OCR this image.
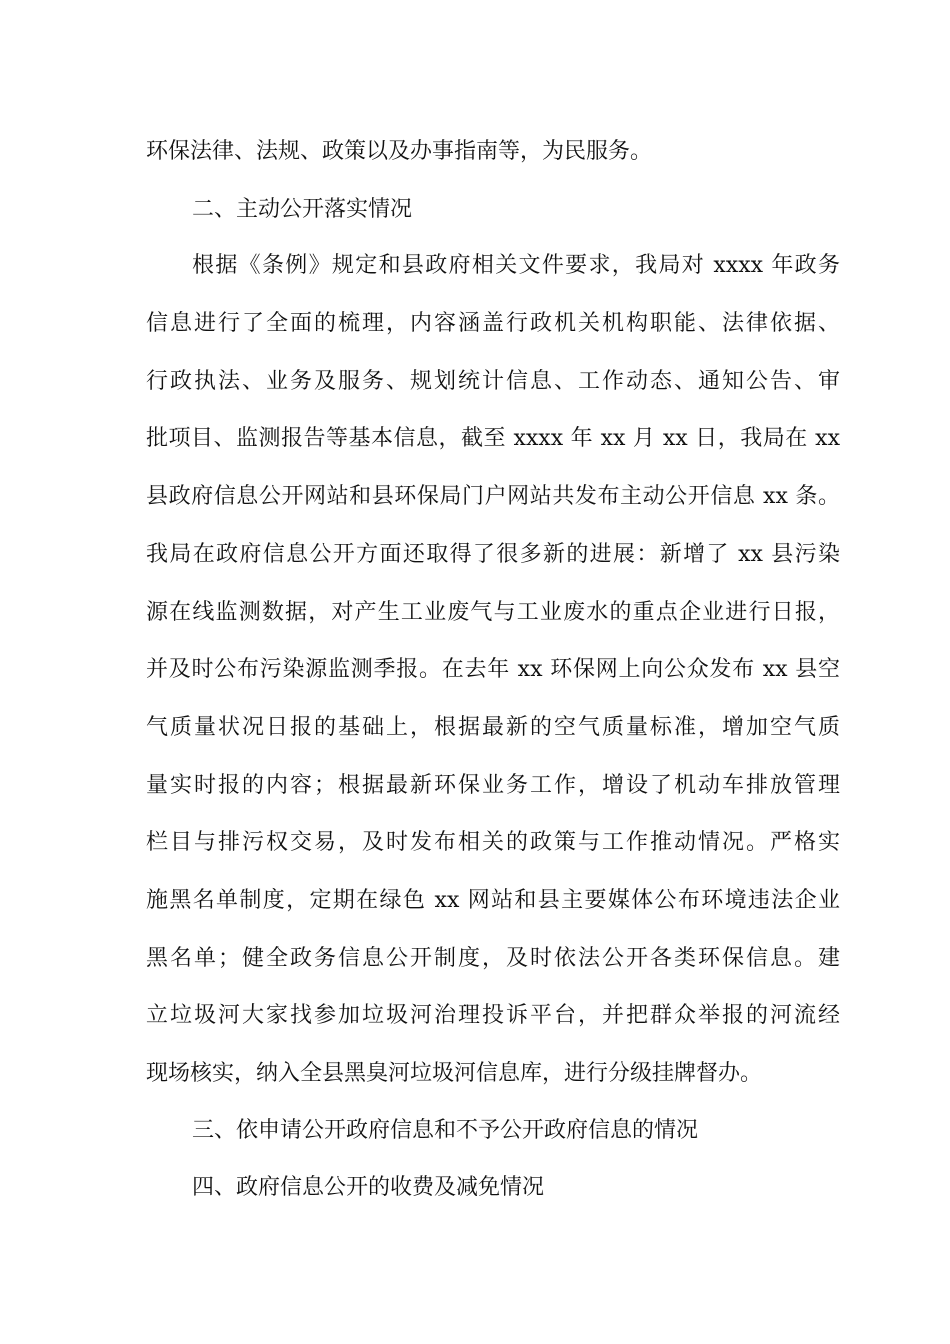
环保法律、法规、政策以及办事指南等，为民服务。
二、主动公开落实情况
根据《条例》规定和县政府相关文件要求，我局对 xxxx 年政务
信息进行了全面的梳理，内容涵盖行政机关机构职能、法律依据、
行政执法、业务及服务、规划统计信息、工作动态、通知公告、审
批项目、监测报告等基本信息，截至 xxxx 年 xx 月 xx 日，我局在 xx
县政府信息公开网站和县环保局门户网站共发布主动公开信息 xx 条。
我局在政府信息公开方面还取得了很多新的进展：新增了 xx 县污染
源在线监测数据，对产生工业废气与工业废水的重点企业进行日报，
并及时公布污染源监测季报。在去年 xx 环保网上向公众发布 xx 县空
气质量状况日报的基础上，根据最新的空气质量标准，增加空气质
量实时报的内容；根据最新环保业务工作，增设了机动车排放管理
栏目与排污权交易，及时发布相关的政策与工作推动情况。严格实
施黑名单制度，定期在绿色 xx 网站和县主要媒体公布环境违法企业
黑名单；健全政务信息公开制度，及时依法公开各类环保信息。建
立垃圾河大家找参加垃圾河治理投诉平台，并把群众举报的河流经
现场核实，纳入全县黑臭河垃圾河信息库，进行分级挂牌督办。
三、依申请公开政府信息和不予公开政府信息的情况
四、政府信息公开的收费及减免情况
